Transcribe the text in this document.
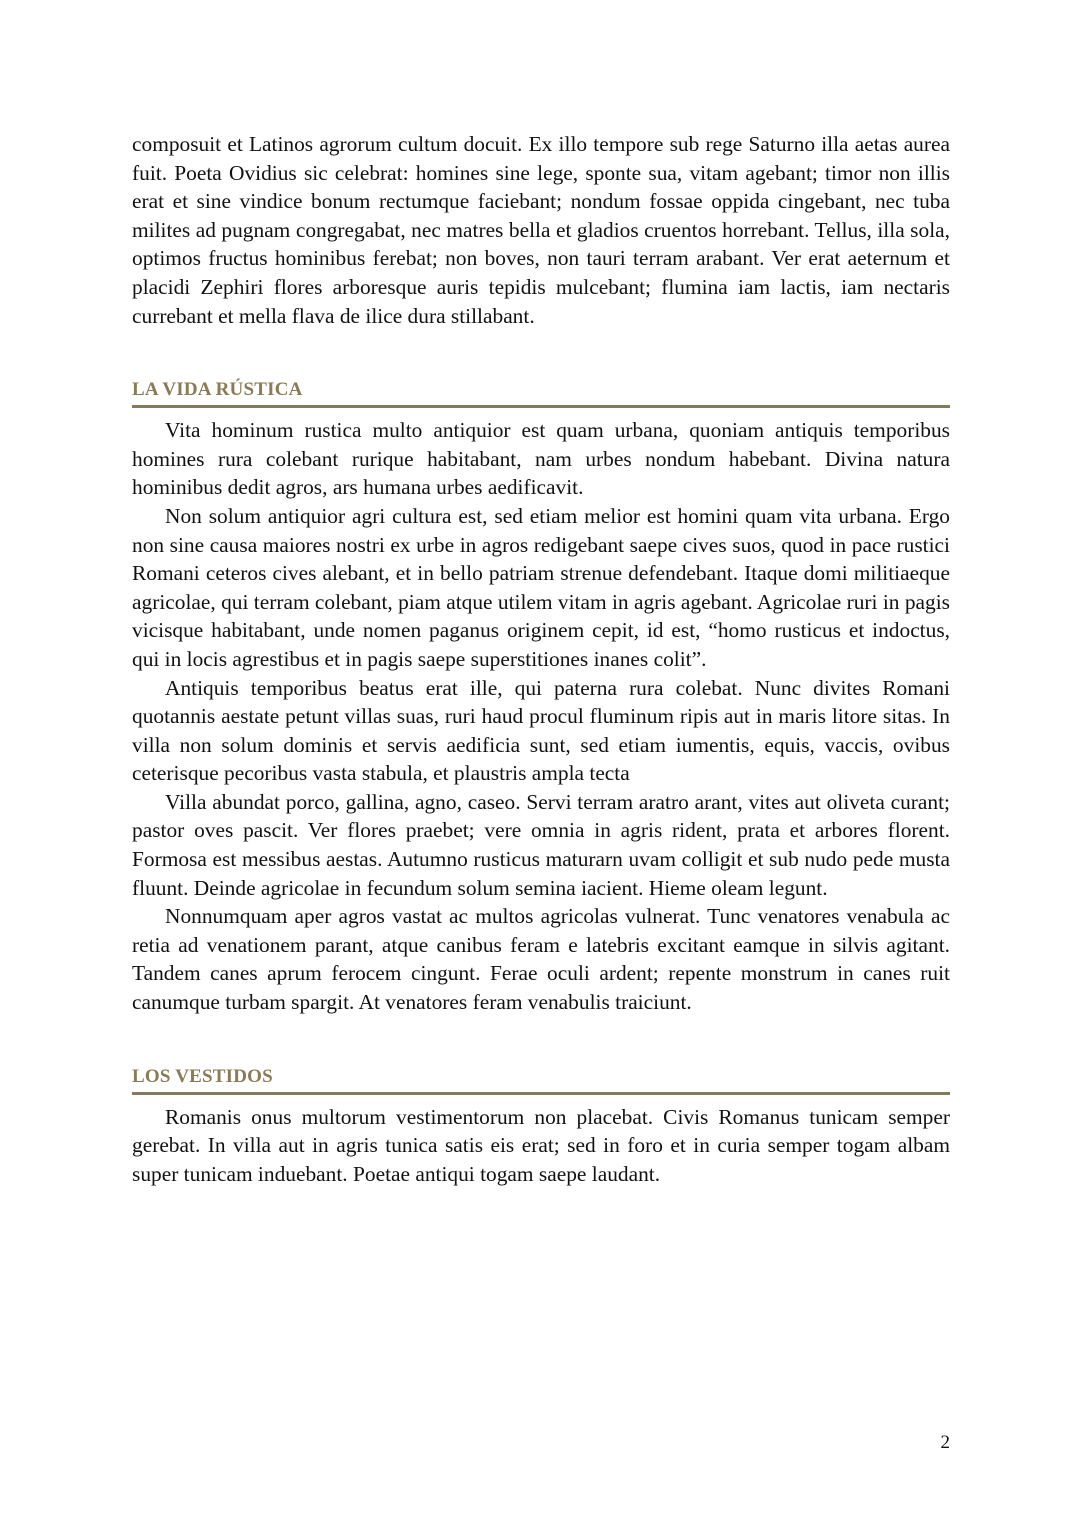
composuit et Latinos agrorum cultum docuit. Ex illo tempore sub rege Saturno illa aetas aurea fuit. Poeta Ovidius sic celebrat: homines sine lege, sponte sua, vitam agebant; timor non illis erat et sine vindice bonum rectumque faciebant; nondum fossae oppida cingebant, nec tuba milites ad pugnam congregabat, nec matres bella et gladios cruentos horrebant. Tellus, illa sola, optimos fructus hominibus ferebat; non boves, non tauri terram arabant. Ver erat aeternum et placidi Zephiri flores arboresque auris tepidis mulcebant; flumina iam lactis, iam nectaris currebant et mella flava de ilice dura stillabant.

LA VIDA RÚSTICA

Vita hominum rustica multo antiquior est quam urbana, quoniam antiquis temporibus homines rura colebant rurique habitabant, nam urbes nondum habebant. Divina natura hominibus dedit agros, ars humana urbes aedificavit.

Non solum antiquior agri cultura est, sed etiam melior est homini quam vita urbana. Ergo non sine causa maiores nostri ex urbe in agros redigebant saepe cives suos, quod in pace rustici Romani ceteros cives alebant, et in bello patriam strenue defendebant. Itaque domi militiaeque agricolae, qui terram colebant, piam atque utilem vitam in agris agebant. Agricolae ruri in pagis vicisque habitabant, unde nomen paganus originem cepit, id est, “homo rusticus et indoctus, qui in locis agrestibus et in pagis saepe superstitiones inanes colit”.

Antiquis temporibus beatus erat ille, qui paterna rura colebat. Nunc divites Romani quotannis aestate petunt villas suas, ruri haud procul fluminum ripis aut in maris litore sitas. In villa non solum dominis et servis aedificia sunt, sed etiam iumentis, equis, vaccis, ovibus ceterisque pecoribus vasta stabula, et plaustris ampla tecta

Villa abundat porco, gallina, agno, caseo. Servi terram aratro arant, vites aut oliveta curant; pastor oves pascit. Ver flores praebet; vere omnia in agris rident, prata et arbores florent. Formosa est messibus aestas. Autumno rusticus maturarn uvam colligit et sub nudo pede musta fluunt. Deinde agricolae in fecundum solum semina iacient. Hieme oleam legunt.

Nonnumquam aper agros vastat ac multos agricolas vulnerat. Tunc venatores venabula ac retia ad venationem parant, atque canibus feram e latebris excitant eamque in silvis agitant. Tandem canes aprum ferocem cingunt. Ferae oculi ardent; repente monstrum in canes ruit canumque turbam spargit. At venatores feram venabulis traiciunt.

LOS VESTIDOS

Romanis onus multorum vestimentorum non placebat. Civis Romanus tunicam semper gerebat. In villa aut in agris tunica satis eis erat; sed in foro et in curia semper togam albam super tunicam induebant. Poetae antiqui togam saepe laudant.

2
